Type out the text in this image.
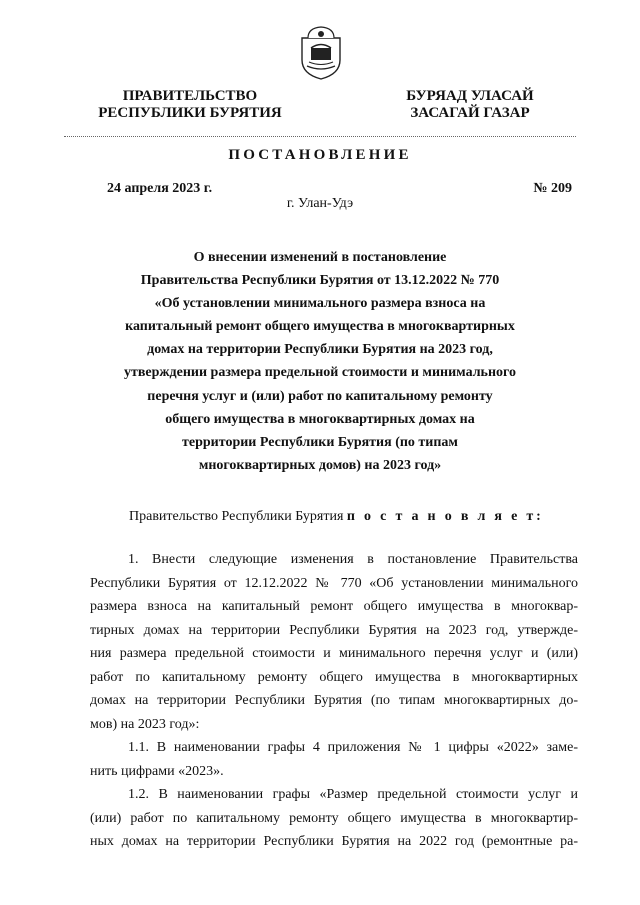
ПРАВИТЕЛЬСТВО
РЕСПУБЛИКИ БУРЯТИЯ
БУРЯАД УЛАСАЙ
ЗАСАГАЙ ГАЗАР
ПОСТАНОВЛЕНИЕ
24 апреля 2023 г.	№ 209
г. Улан-Удэ
О внесении изменений в постановление
Правительства Республики Бурятия от 13.12.2022 № 770
«Об установлении минимального размера взноса на
капитальный ремонт общего имущества в многоквартирных
домах на территории Республики Бурятия на 2023 год,
утверждении размера предельной стоимости и минимального
перечня услуг и (или) работ по капитальному ремонту
общего имущества в многоквартирных домах на
территории Республики Бурятия (по типам
многоквартирных домов) на 2023 год»
Правительство Республики Бурятия п о с т а н о в л я е т:
1. Внести следующие изменения в постановление Правительства
Республики Бурятия от 12.12.2022 № 770 «Об установлении минимального
размера взноса на капитальный ремонт общего имущества в многоквар-
тирных домах на территории Республики Бурятия на 2023 год, утвержде-
ния размера предельной стоимости и минимального перечня услуг и (или)
работ по капитальному ремонту общего имущества в многоквартирных
домах на территории Республики Бурятия (по типам многоквартирных до-
мов) на 2023 год»:
1.1. В наименовании графы 4 приложения № 1 цифры «2022» заме-
нить цифрами «2023».
1.2. В наименовании графы «Размер предельной стоимости услуг и
(или) работ по капитальному ремонту общего имущества в многоквартир-
ных домах на территории Республики Бурятия на 2022 год (ремонтные ра-
